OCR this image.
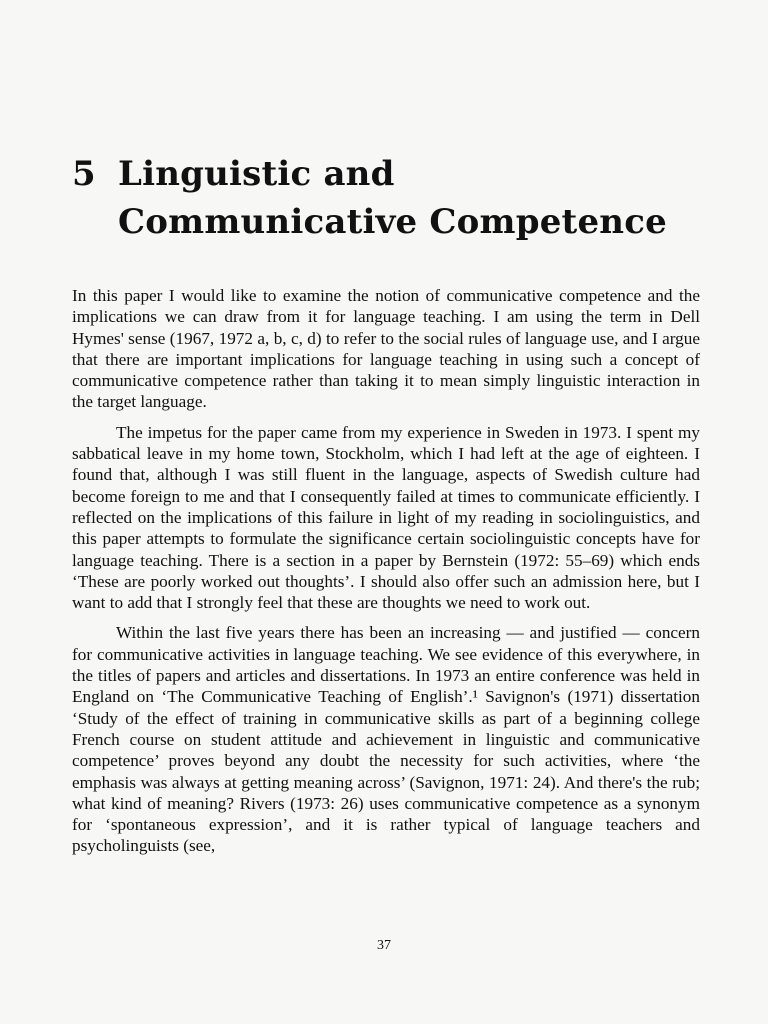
5 Linguistic and
Communicative Competence

In this paper I would like to examine the notion of communicative competence and the implications we can draw from it for language teaching. I am using the term in Dell Hymes' sense (1967, 1972 a, b, c, d) to refer to the social rules of language use, and I argue that there are important implications for language teaching in using such a concept of communicative competence rather than taking it to mean simply linguistic interaction in the target language.

The impetus for the paper came from my experience in Sweden in 1973. I spent my sabbatical leave in my home town, Stockholm, which I had left at the age of eighteen. I found that, although I was still fluent in the language, aspects of Swedish culture had become foreign to me and that I consequently failed at times to communicate efficiently. I reflected on the implications of this failure in light of my reading in sociolinguistics, and this paper attempts to formulate the significance certain sociolinguistic concepts have for language teaching. There is a section in a paper by Bernstein (1972: 55–69) which ends ‘These are poorly worked out thoughts’. I should also offer such an admission here, but I want to add that I strongly feel that these are thoughts we need to work out.

Within the last five years there has been an increasing — and justified — concern for communicative activities in language teaching. We see evidence of this everywhere, in the titles of papers and articles and dissertations. In 1973 an entire conference was held in England on ‘The Communicative Teaching of English’.¹ Savignon's (1971) dissertation ‘Study of the effect of training in communicative skills as part of a beginning college French course on student attitude and achievement in linguistic and communicative competence’ proves beyond any doubt the necessity for such activities, where ‘the emphasis was always at getting meaning across’ (Savignon, 1971: 24). And there's the rub; what kind of meaning? Rivers (1973: 26) uses communicative competence as a synonym for ‘spontaneous expression’, and it is rather typical of language teachers and psycholinguists (see,

37
